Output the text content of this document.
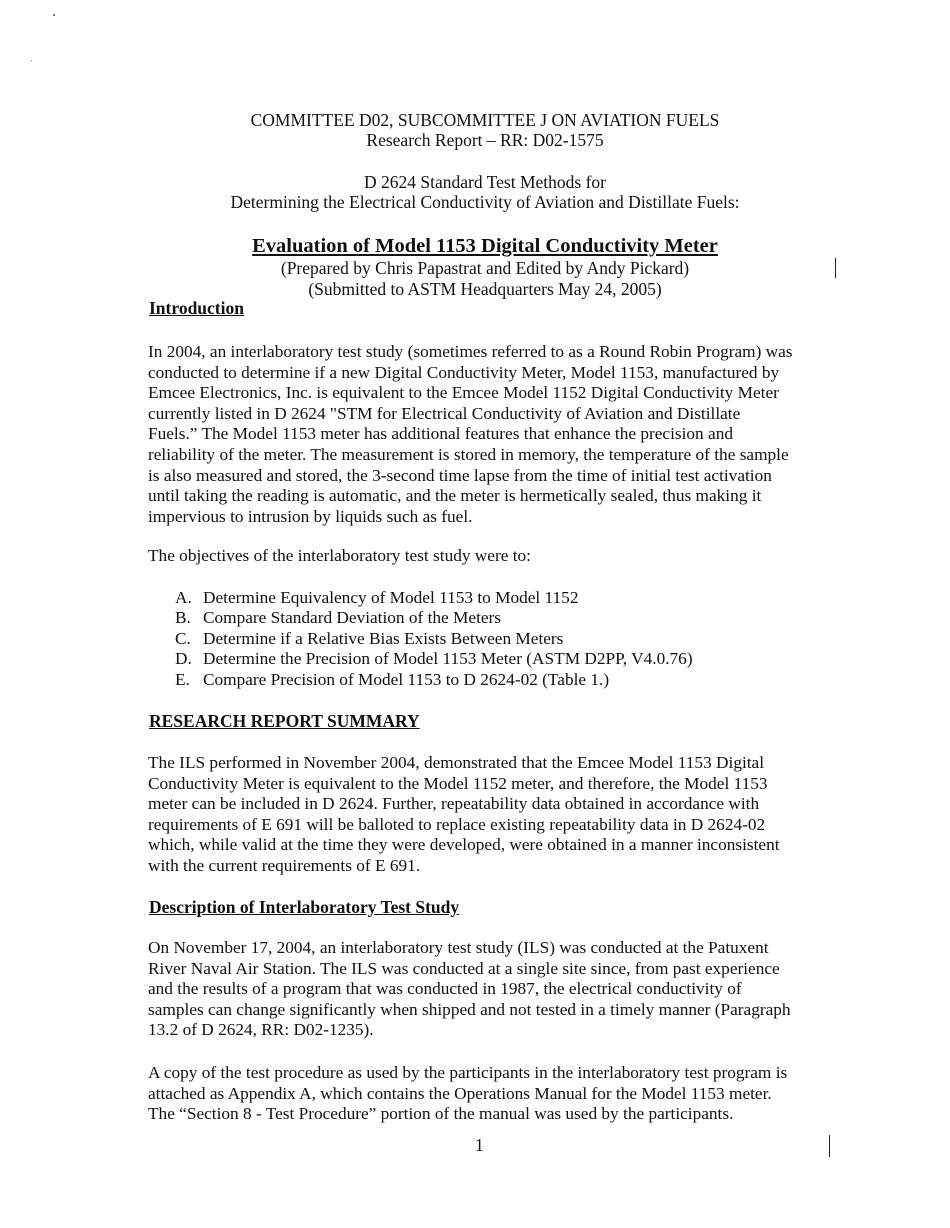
COMMITTEE D02, SUBCOMMITTEE J ON AVIATION FUELS
Research Report – RR: D02-1575
D 2624 Standard Test Methods for
Determining the Electrical Conductivity of Aviation and Distillate Fuels:
Evaluation of Model 1153 Digital Conductivity Meter
(Prepared by Chris Papastrat and Edited by Andy Pickard)
(Submitted to ASTM Headquarters May 24, 2005)
Introduction
In 2004, an interlaboratory test study (sometimes referred to as a Round Robin Program) was
conducted to determine if a new Digital Conductivity Meter, Model 1153, manufactured by
Emcee Electronics, Inc. is equivalent to the Emcee Model 1152 Digital Conductivity Meter
currently listed in D 2624 "STM for Electrical Conductivity of Aviation and Distillate
Fuels.” The Model 1153 meter has additional features that enhance the precision and
reliability of the meter. The measurement is stored in memory, the temperature of the sample
is also measured and stored, the 3-second time lapse from the time of initial test activation
until taking the reading is automatic, and the meter is hermetically sealed, thus making it
impervious to intrusion by liquids such as fuel.
The objectives of the interlaboratory test study were to:
A. Determine Equivalency of Model 1153 to Model 1152
B. Compare Standard Deviation of the Meters
C. Determine if a Relative Bias Exists Between Meters
D. Determine the Precision of Model 1153 Meter (ASTM D2PP, V4.0.76)
E. Compare Precision of Model 1153 to D 2624-02 (Table 1.)
RESEARCH REPORT SUMMARY
The ILS performed in November 2004, demonstrated that the Emcee Model 1153 Digital
Conductivity Meter is equivalent to the Model 1152 meter, and therefore, the Model 1153
meter can be included in D 2624. Further, repeatability data obtained in accordance with
requirements of E 691 will be balloted to replace existing repeatability data in D 2624-02
which, while valid at the time they were developed, were obtained in a manner inconsistent
with the current requirements of E 691.
Description of Interlaboratory Test Study
On November 17, 2004, an interlaboratory test study (ILS) was conducted at the Patuxent
River Naval Air Station. The ILS was conducted at a single site since, from past experience
and the results of a program that was conducted in 1987, the electrical conductivity of
samples can change significantly when shipped and not tested in a timely manner (Paragraph
13.2 of D 2624, RR: D02-1235).
A copy of the test procedure as used by the participants in the interlaboratory test program is
attached as Appendix A, which contains the Operations Manual for the Model 1153 meter.
The “Section 8 - Test Procedure” portion of the manual was used by the participants.
1
